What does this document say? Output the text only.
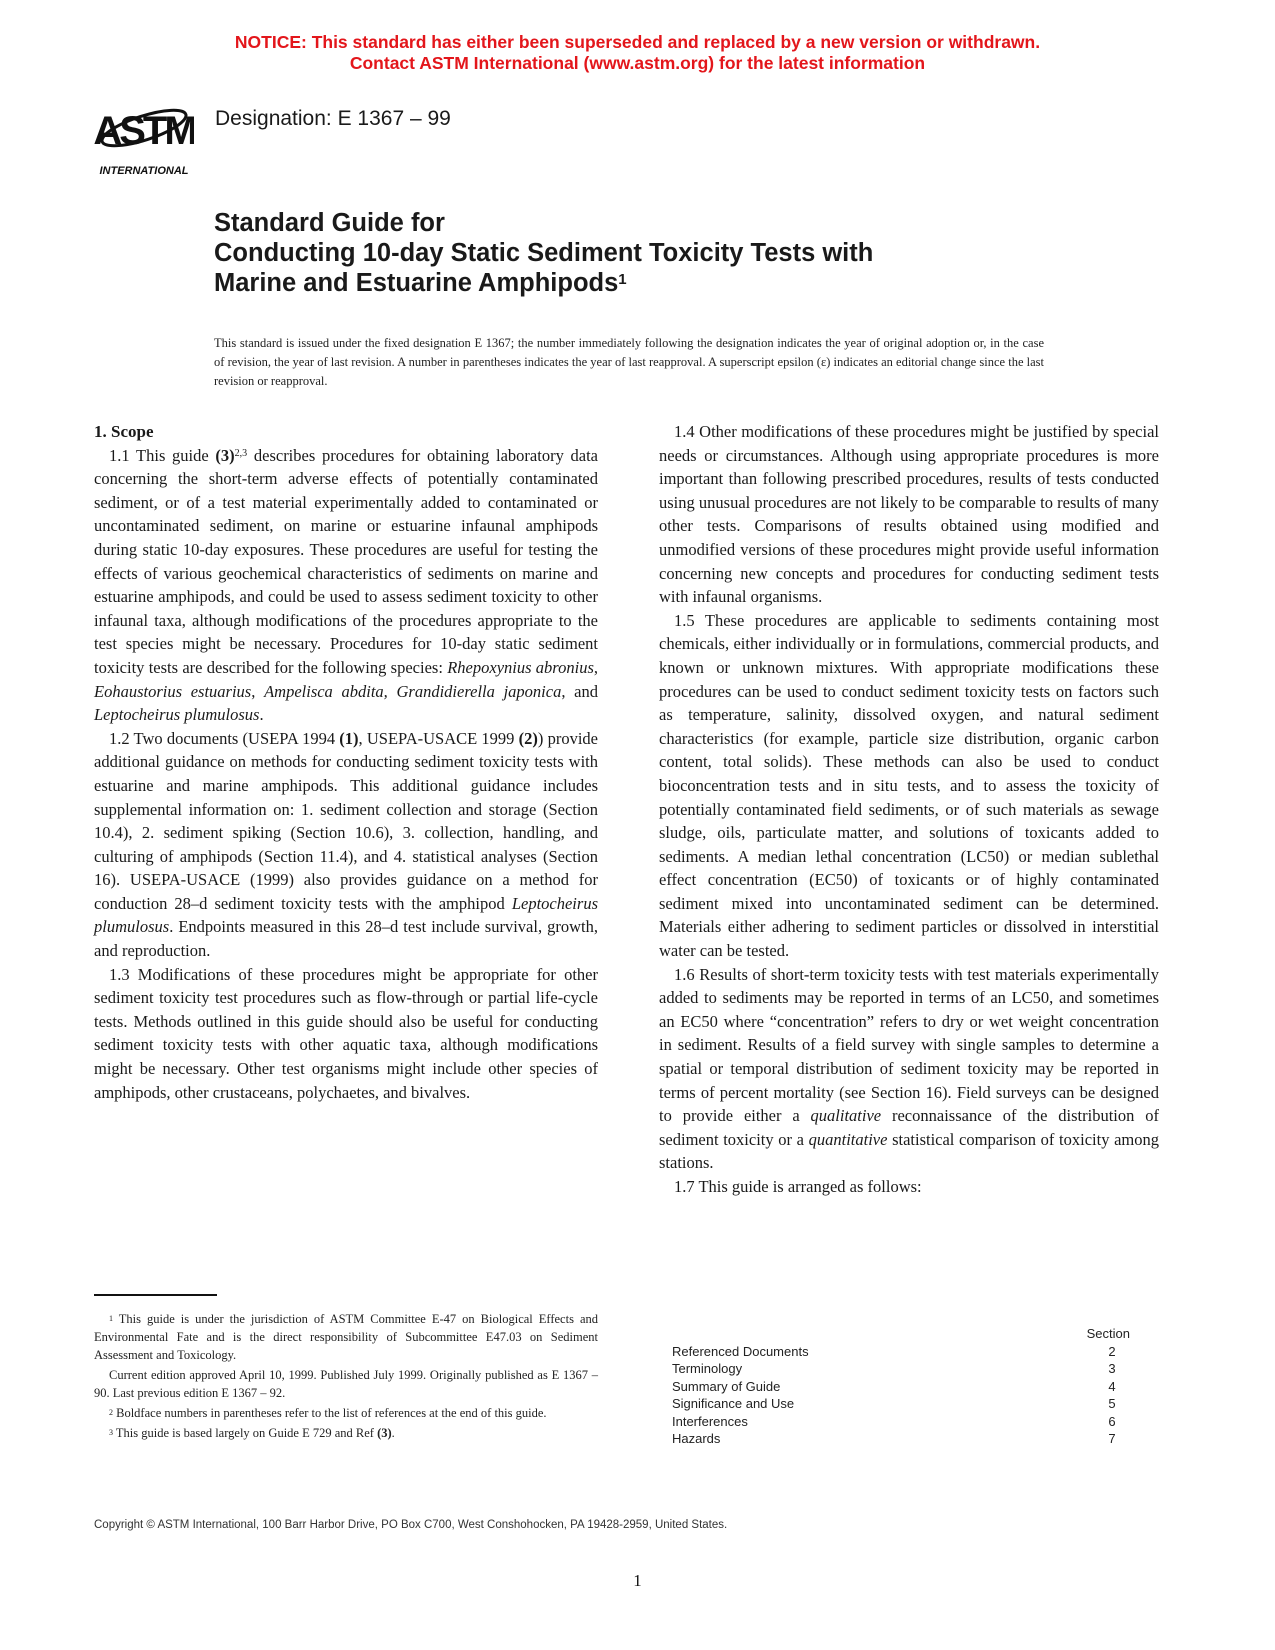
NOTICE: This standard has either been superseded and replaced by a new version or withdrawn.
Contact ASTM International (www.astm.org) for the latest information
ASTM
INTERNATIONAL
Designation: E 1367 – 99
Standard Guide for
Conducting 10-day Static Sediment Toxicity Tests with
Marine and Estuarine Amphipods$^1$
This standard is issued under the fixed designation E 1367; the number immediately following the designation indicates the year of original adoption or, in the case of revision, the year of last revision. A number in parentheses indicates the year of last reapproval. A superscript epsilon (ε) indicates an editorial change since the last revision or reapproval.

1. Scope

1.1 This guide $(3)^{2,3}$ describes procedures for obtaining laboratory data concerning the short-term adverse effects of potentially contaminated sediment, or of a test material experimentally added to contaminated or uncontaminated sediment, on marine or estuarine infaunal amphipods during static 10-day exposures. These procedures are useful for testing the effects of various geochemical characteristics of sediments on marine and estuarine amphipods, and could be used to assess sediment toxicity to other infaunal taxa, although modifications of the procedures appropriate to the test species might be necessary. Procedures for 10-day static sediment toxicity tests are described for the following species: Rhepoxynius abronius, Eohaustorius estuarius, Ampelisca abdita, Grandidierella japonica, and Leptocheirus plumulosus.

1.2 Two documents (USEPA 1994 (1), USEPA-USACE 1999 (2)) provide additional guidance on methods for conducting sediment toxicity tests with estuarine and marine amphipods. This additional guidance includes supplemental information on: 1. sediment collection and storage (Section 10.4), 2. sediment spiking (Section 10.6), 3. collection, handling, and culturing of amphipods (Section 11.4), and 4. statistical analyses (Section 16). USEPA-USACE (1999) also provides guidance on a method for conduction 28–d sediment toxicity tests with the amphipod Leptocheirus plumulosus. Endpoints measured in this 28–d test include survival, growth, and reproduction.

1.3 Modifications of these procedures might be appropriate for other sediment toxicity test procedures such as flow-through or partial life-cycle tests. Methods outlined in this guide should also be useful for conducting sediment toxicity tests with other aquatic taxa, although modifications might be necessary. Other test organisms might include other species of amphipods, other crustaceans, polychaetes, and bivalves.

1.4 Other modifications of these procedures might be justified by special needs or circumstances. Although using appropriate procedures is more important than following prescribed procedures, results of tests conducted using unusual procedures are not likely to be comparable to results of many other tests. Comparisons of results obtained using modified and unmodified versions of these procedures might provide useful information concerning new concepts and procedures for conducting sediment tests with infaunal organisms.

1.5 These procedures are applicable to sediments containing most chemicals, either individually or in formulations, commercial products, and known or unknown mixtures. With appropriate modifications these procedures can be used to conduct sediment toxicity tests on factors such as temperature, salinity, dissolved oxygen, and natural sediment characteristics (for example, particle size distribution, organic carbon content, total solids). These methods can also be used to conduct bioconcentration tests and in situ tests, and to assess the toxicity of potentially contaminated field sediments, or of such materials as sewage sludge, oils, particulate matter, and solutions of toxicants added to sediments. A median lethal concentration (LC50) or median sublethal effect concentration (EC50) of toxicants or of highly contaminated sediment mixed into uncontaminated sediment can be determined. Materials either adhering to sediment particles or dissolved in interstitial water can be tested.

1.6 Results of short-term toxicity tests with test materials experimentally added to sediments may be reported in terms of an LC50, and sometimes an EC50 where “concentration” refers to dry or wet weight concentration in sediment. Results of a field survey with single samples to determine a spatial or temporal distribution of sediment toxicity may be reported in terms of percent mortality (see Section 16). Field surveys can be designed to provide either a qualitative reconnaissance of the distribution of sediment toxicity or a quantitative statistical comparison of toxicity among stations.

1.7 This guide is arranged as follows:

Section
Referenced Documents	2
Terminology	3
Summary of Guide	4
Significance and Use	5
Interferences	6
Hazards	7

$^1$ This guide is under the jurisdiction of ASTM Committee E-47 on Biological Effects and Environmental Fate and is the direct responsibility of Subcommittee E47.03 on Sediment Assessment and Toxicology.

Current edition approved April 10, 1999. Published July 1999. Originally published as E 1367 – 90. Last previous edition E 1367 – 92.

$^2$ Boldface numbers in parentheses refer to the list of references at the end of this guide.

$^3$ This guide is based largely on Guide E 729 and Ref (3).

Copyright © ASTM International, 100 Barr Harbor Drive, PO Box C700, West Conshohocken, PA 19428-2959, United States.
1
